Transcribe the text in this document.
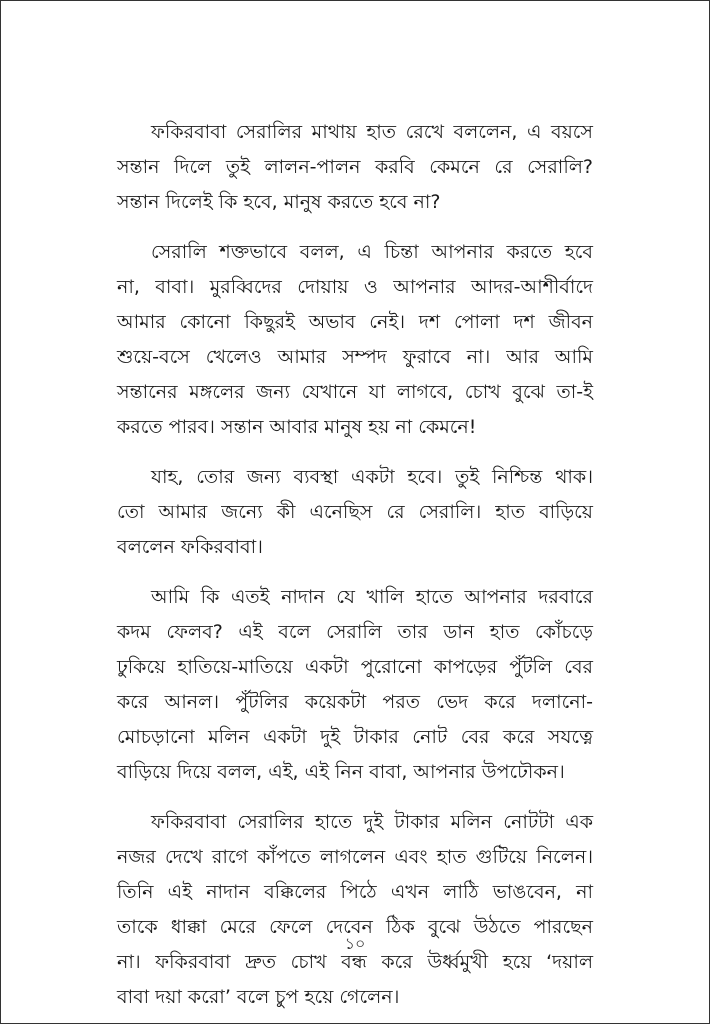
ফকিরবাবা সেরালির মাথায় হাত রেখে বললেন, এ বয়সে
সন্তান দিলে তুই লালন-পালন করবি কেমনে রে সেরালি?
সন্তান দিলেই কি হবে, মানুষ করতে হবে না?
সেরালি শক্তভাবে বলল, এ চিন্তা আপনার করতে হবে
না, বাবা। মুরব্বিদের দোয়ায় ও আপনার আদর-আশীর্বাদে
আমার কোনো কিছুরই অভাব নেই। দশ পোলা দশ জীবন
শুয়ে-বসে খেলেও আমার সম্পদ ফুরাবে না। আর আমি
সন্তানের মঙ্গলের জন্য যেখানে যা লাগবে, চোখ বুঝে তা-ই
করতে পারব। সন্তান আবার মানুষ হয় না কেমনে!
যাহ, তোর জন্য ব্যবস্থা একটা হবে। তুই নিশ্চিন্ত থাক।
তো আমার জন্যে কী এনেছিস রে সেরালি। হাত বাড়িয়ে
বললেন ফকিরবাবা।
আমি কি এতই নাদান যে খালি হাতে আপনার দরবারে
কদম ফেলব? এই বলে সেরালি তার ডান হাত কোঁচড়ে
ঢুকিয়ে হাতিয়ে-মাতিয়ে একটা পুরোনো কাপড়ের পুঁটলি বের
করে আনল। পুঁটলির কয়েকটা পরত ভেদ করে দলানো-
মোচড়ানো মলিন একটা দুই টাকার নোট বের করে সযত্নে
বাড়িয়ে দিয়ে বলল, এই, এই নিন বাবা, আপনার উপঢৌকন।
ফকিরবাবা সেরালির হাতে দুই টাকার মলিন নোটটা এক
নজর দেখে রাগে কাঁপতে লাগলেন এবং হাত গুটিয়ে নিলেন।
তিনি এই নাদান বক্কিলের পিঠে এখন লাঠি ভাঙবেন, না
তাকে ধাক্কা মেরে ফেলে দেবেন ঠিক বুঝে উঠতে পারছেন
না। ফকিরবাবা দ্রুত চোখ বন্ধ করে উর্ধ্বমুখী হয়ে ‘দয়াল
বাবা দয়া করো’ বলে চুপ হয়ে গেলেন।
১০
